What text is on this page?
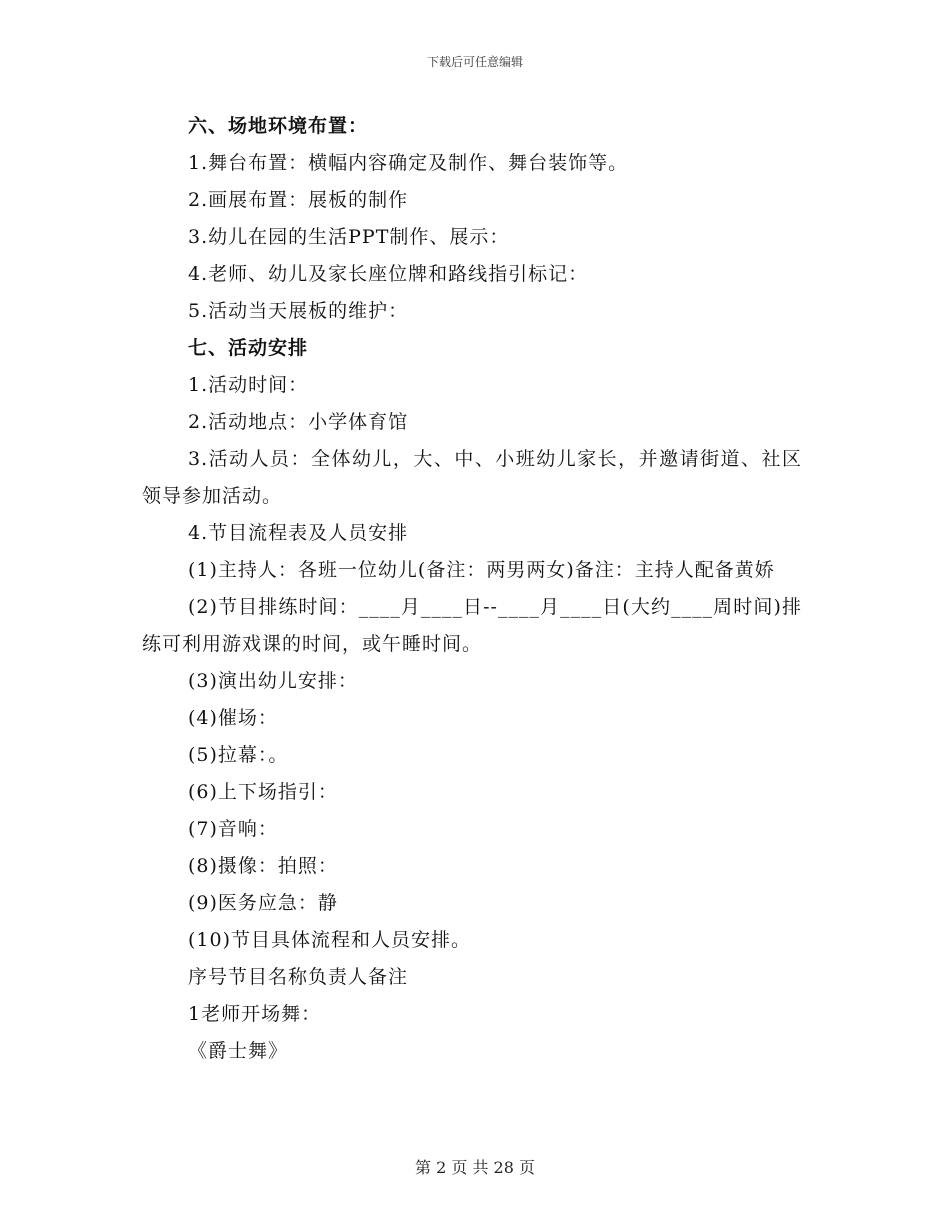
下载后可任意编辑

六、场地环境布置：

1.舞台布置：横幅内容确定及制作、舞台装饰等。

2.画展布置：展板的制作

3.幼儿在园的生活PPT制作、展示：

4.老师、幼儿及家长座位牌和路线指引标记：

5.活动当天展板的维护：

七、活动安排

1.活动时间：

2.活动地点：小学体育馆

3.活动人员：全体幼儿，大、中、小班幼儿家长，并邀请街道、社区领导参加活动。

4.节目流程表及人员安排

(1)主持人：各班一位幼儿(备注：两男两女)备注：主持人配备黄娇

(2)节目排练时间：____月____日--____月____日(大约____周时间)排练可利用游戏课的时间，或午睡时间。

(3)演出幼儿安排：

(4)催场：

(5)拉幕：。

(6)上下场指引：

(7)音响：

(8)摄像：拍照：

(9)医务应急：静

(10)节目具体流程和人员安排。

序号节目名称负责人备注

1老师开场舞：

《爵士舞》

第 2 页 共 28 页
